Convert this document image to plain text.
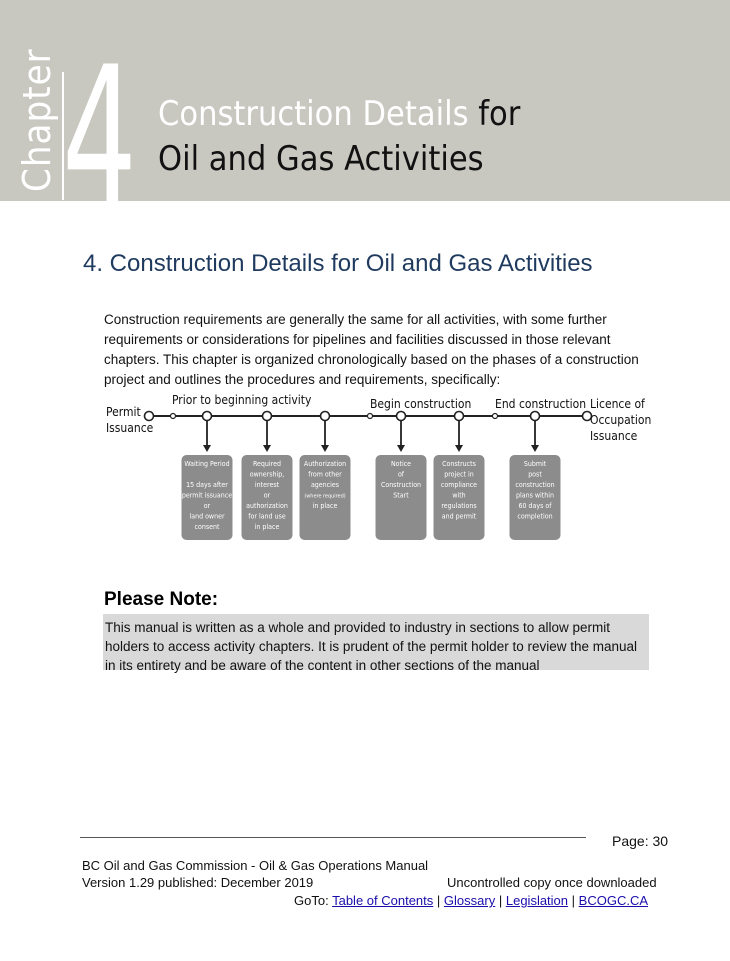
Chapter 4 Construction Details for
Oil and Gas Activities
4. Construction Details for Oil and Gas Activities
Construction requirements are generally the same for all activities, with some further requirements or considerations for pipelines and facilities discussed in those relevant chapters. This chapter is organized chronologically based on the phases of a construction project and outlines the procedures and requirements, specifically:
Waiting Period
15 days after
permit issuance
or
land owner
consent
Required
ownership,
interest
or
authorization
for land use
in place
Authorization
from other
agencies
(where required)
in place
Notice
of
Construction
Start
Constructs
project in
compliance
with
regulations
and permit
Submit
post
construction
plans within
60 days of
completion
Permit
Issuance
Licence of
Occupation
Issuance
Prior to beginning activity	Begin construction End construction
Please Note:
This manual is written as a whole and provided to industry in sections to allow permit holders to access activity chapters. It is prudent of the permit holder to review the manual in its entirety and be aware of the content in other sections of the manual
Page: 30
BC Oil and Gas Commission - Oil & Gas Operations Manual
Version 1.29 published: December 2019	Uncontrolled copy once downloaded
GoTo: Table of Contents | Glossary | Legislation | BCOGC.CA
